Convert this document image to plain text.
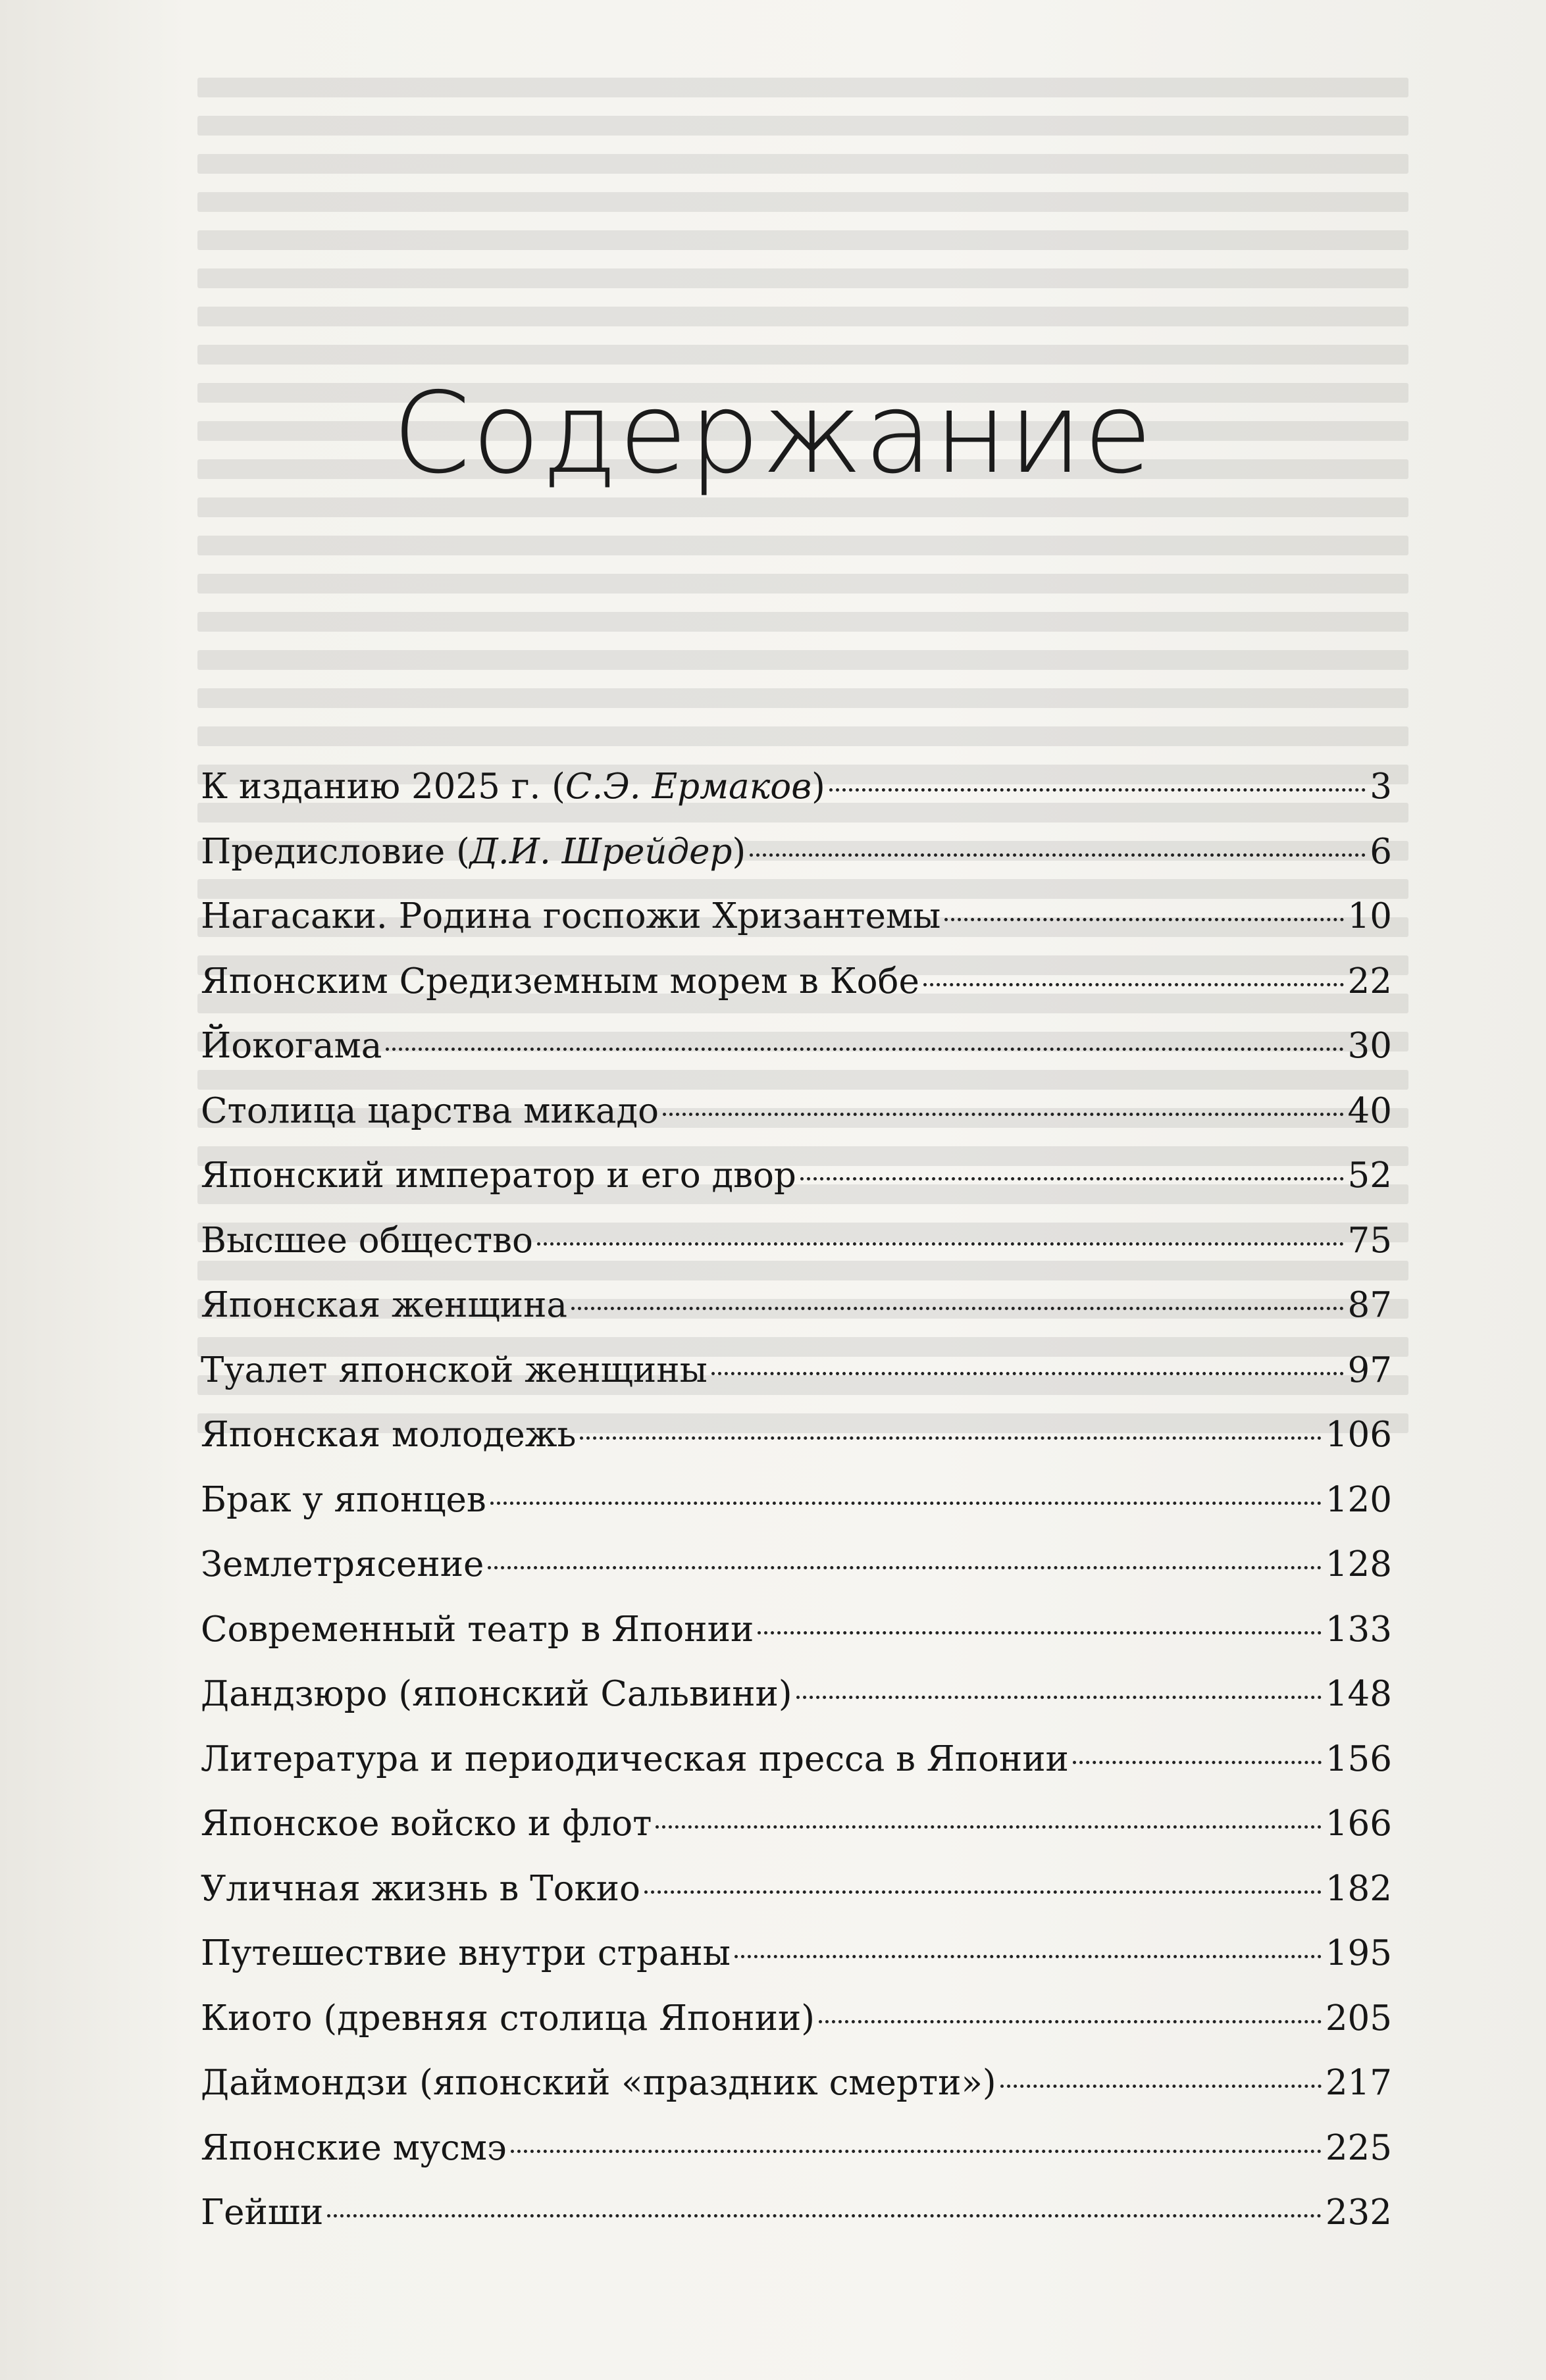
Содержание
К изданию 2025 г. (С.Э. Ермаков)	3
Предисловие (Д.И. Шрейдер)	6
Нагасаки. Родина госпожи Хризантемы	10
Японским Средиземным морем в Кобе	22
Йокогама	30
Столица царства микадо	40
Японский император и его двор	52
Высшее общество	75
Японская женщина	87
Туалет японской женщины	97
Японская молодежь	106
Брак у японцев	120
Землетрясение	128
Современный театр в Японии	133
Дандзюро (японский Сальвини)	148
Литература и периодическая пресса в Японии	156
Японское войско и флот	166
Уличная жизнь в Токио	182
Путешествие внутри страны	195
Киото (древняя столица Японии)	205
Даймондзи (японский «праздник смерти»)	217
Японские мусмэ	225
Гейши	232
